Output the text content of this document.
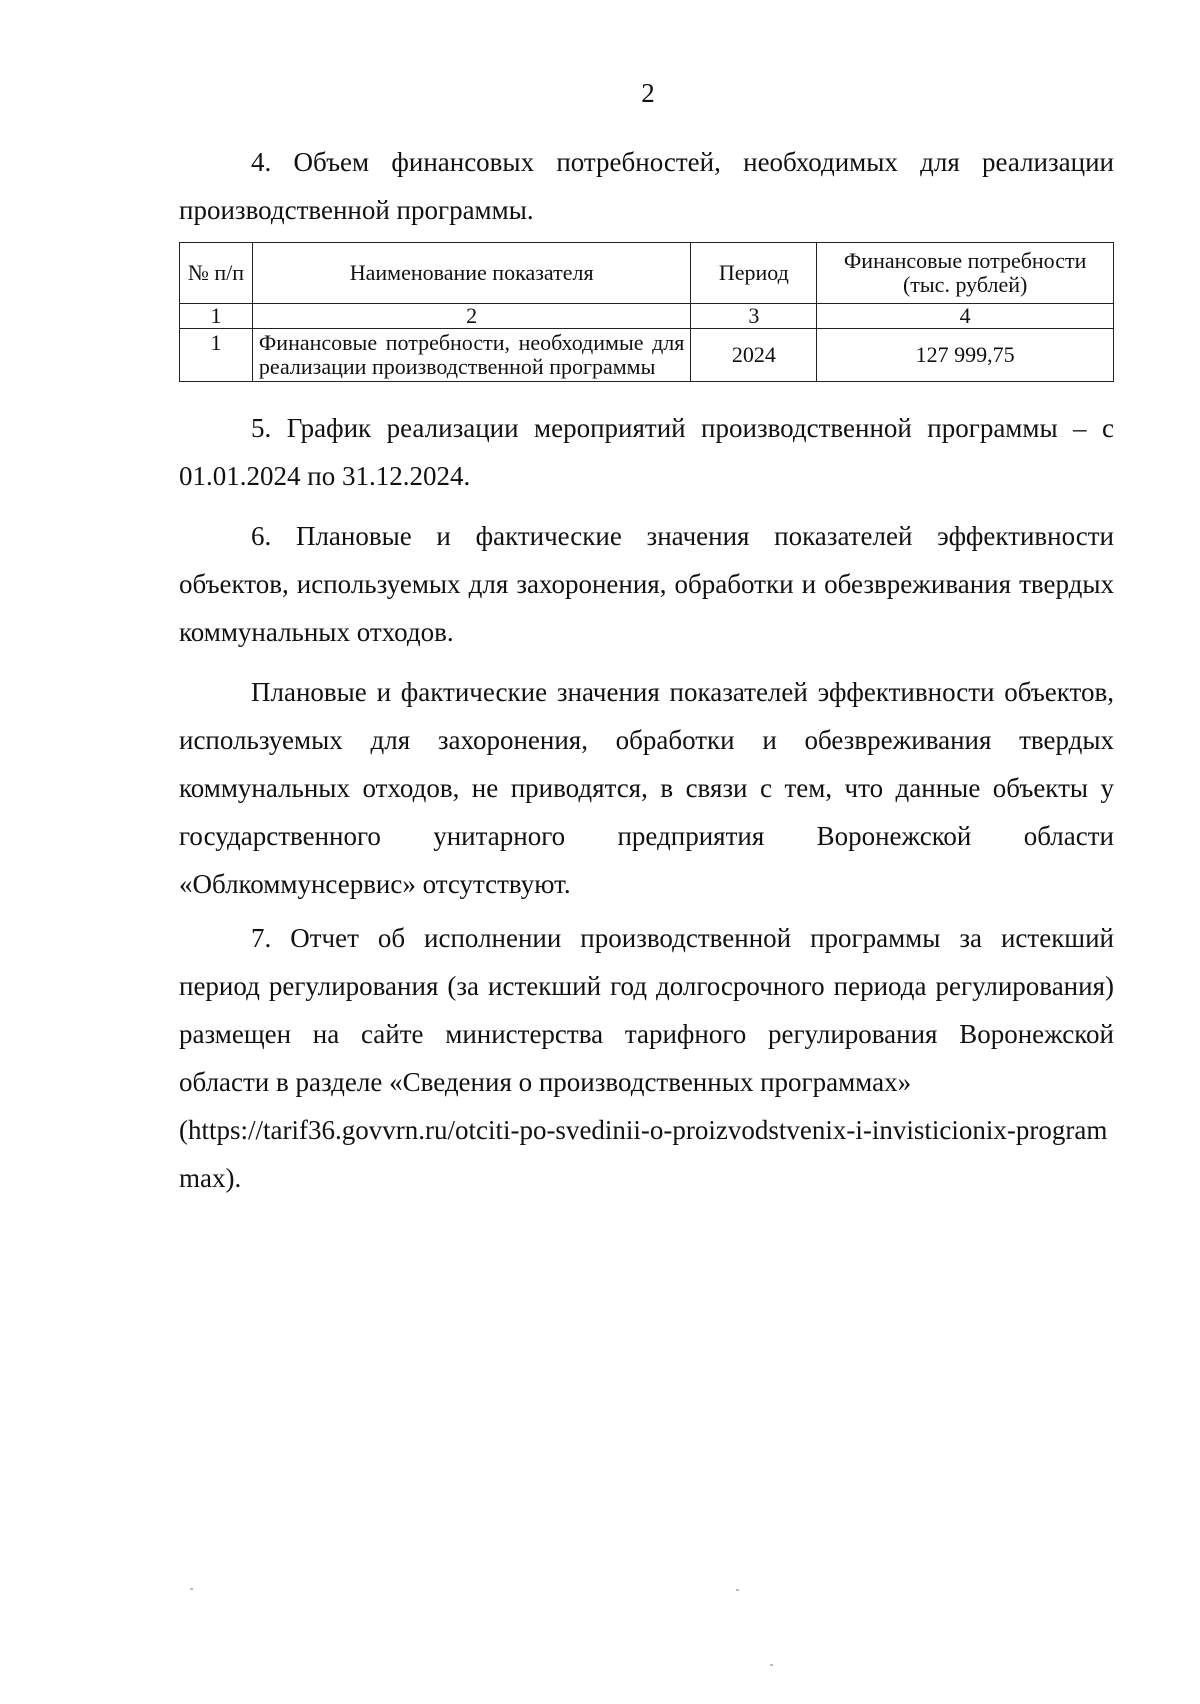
2

4. Объем финансовых потребностей, необходимых для реализации производственной программы.

№ п/п	Наименование показателя	Период	Финансовые потребности (тыс. рублей)
1	2	3	4
1	Финансовые потребности, необходимые для реализации производственной программы	2024	127 999,75

5. График реализации мероприятий производственной программы – с 01.01.2024 по 31.12.2024.

6. Плановые и фактические значения показателей эффективности объектов, используемых для захоронения, обработки и обезвреживания твердых коммунальных отходов.

Плановые и фактические значения показателей эффективности объектов, используемых для захоронения, обработки и обезвреживания твердых коммунальных отходов, не приводятся, в связи с тем, что данные объекты у государственного унитарного предприятия Воронежской области «Облкоммунсервис» отсутствуют.

7. Отчет об исполнении производственной программы за истекший период регулирования (за истекший год долгосрочного периода регулирования) размещен на сайте министерства тарифного регулирования Воронежской области в разделе «Сведения о производственных программах»

(https://tarif36.govvrn.ru/otciti-po-svedinii-o-proizvodstvenix-i-invisticionix-programmax).
